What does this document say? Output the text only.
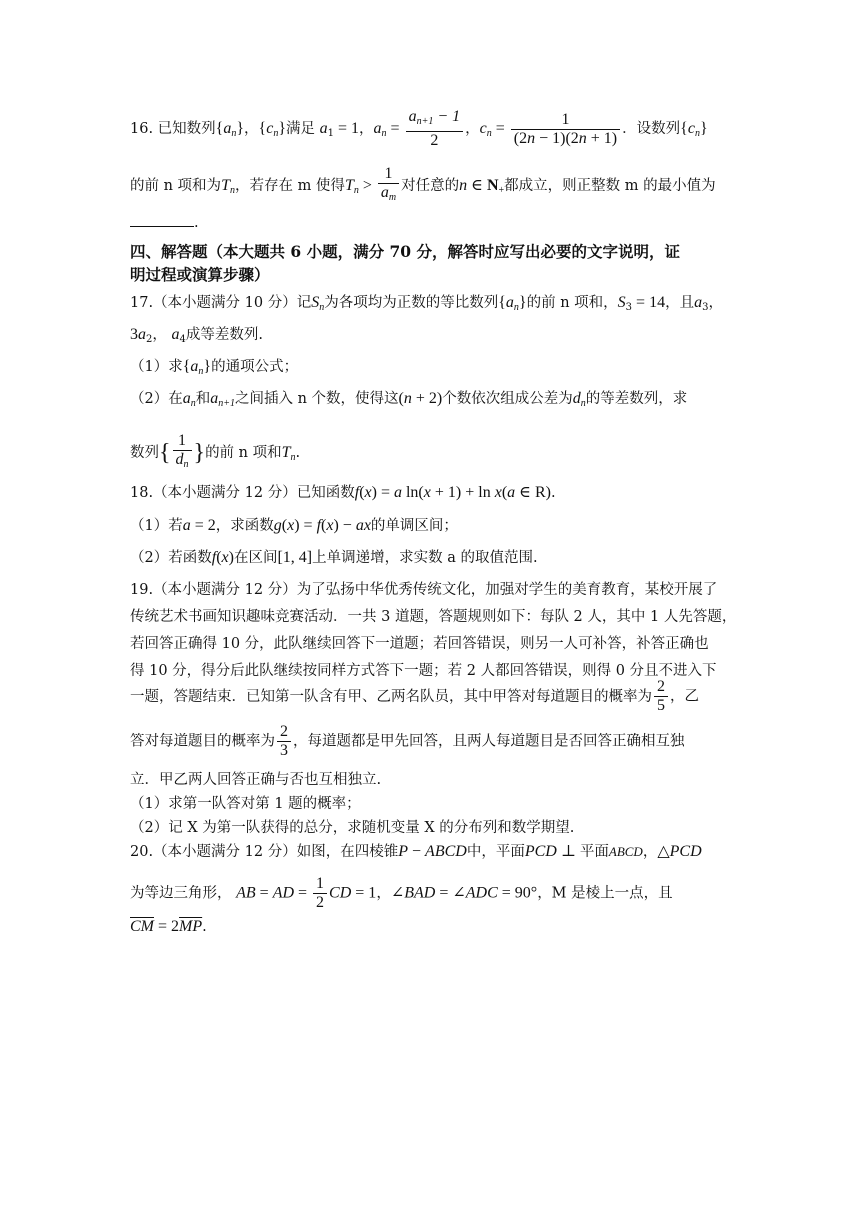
16. 已知数列$\{a_n\}$，$\{c_n\}$满足 $a_1 = 1$，$a_n = \frac{a_{n+1} - 1}{2}$ ，$c_n = \frac{1}{(2n - 1)(2n + 1)}$ ．设数列$\{c_n\}$
的前 n 项和为$T_n$，若存在 m 使得$T_n > \frac{1}{a_m}$ 对任意的n ∈ $N_+$都成立，则正整数 m 的最小值为
.
四、解答题（本大题共 6 小题，满分 70 分，解答时应写出必要的文字说明，证
明过程或演算步骤）
17.（本小题满分 10 分）记$S_n$为各项均为正数的等比数列$\{a_n\}$的前 n 项和，$S_3 = 14$，且$a_3$，
$3a_2$， $a_4$成等差数列.
（1）求$\{a_n\}$的通项公式；
（2）在$a_n$和$a_{n+1}$之间插入 n 个数，使得这(n + 2)个数依次组成公差为$d_n$的等差数列，求
数列{ $\frac{1}{d_n}$ }的前 n 项和$T_n$.
18.（本小题满分 12 分）已知函数f(x) = a ln(x + 1) + ln x(a ∈ R).
（1）若a = 2，求函数g(x) = f(x) − ax的单调区间；
（2）若函数f(x)在区间[1, 4]上单调递增，求实数 a 的取值范围.
19.（本小题满分 12 分）为了弘扬中华优秀传统文化，加强对学生的美育教育，某校开展了
传统艺术书画知识趣味竞赛活动．一共 3 道题，答题规则如下：每队 2 人，其中 1 人先答题，
若回答正确得 10 分，此队继续回答下一道题；若回答错误，则另一人可补答，补答正确也
得 10 分，得分后此队继续按同样方式答下一题；若 2 人都回答错误，则得 0 分且不进入下
一题，答题结束．已知第一队含有甲、乙两名队员，其中甲答对每道题目的概率为 $\frac{2}{5}$ ，乙
答对每道题目的概率为 $\frac{2}{3}$ ，每道题都是甲先回答，且两人每道题目是否回答正确相互独
立．甲乙两人回答正确与否也互相独立.
（1）求第一队答对第 1 题的概率；
（2）记 X 为第一队获得的总分，求随机变量 X 的分布列和数学期望.
20.（本小题满分 12 分）如图，在四棱锥P − ABCD中，平面PCD ⊥ 平面ABCD，△PCD
为等边三角形， AB = AD = $\frac{1}{2}$ CD = 1，∠BAD = ∠ADC = 90°，M 是棱上一点，且
$\overline{CM} = 2\overline{MP}$.
